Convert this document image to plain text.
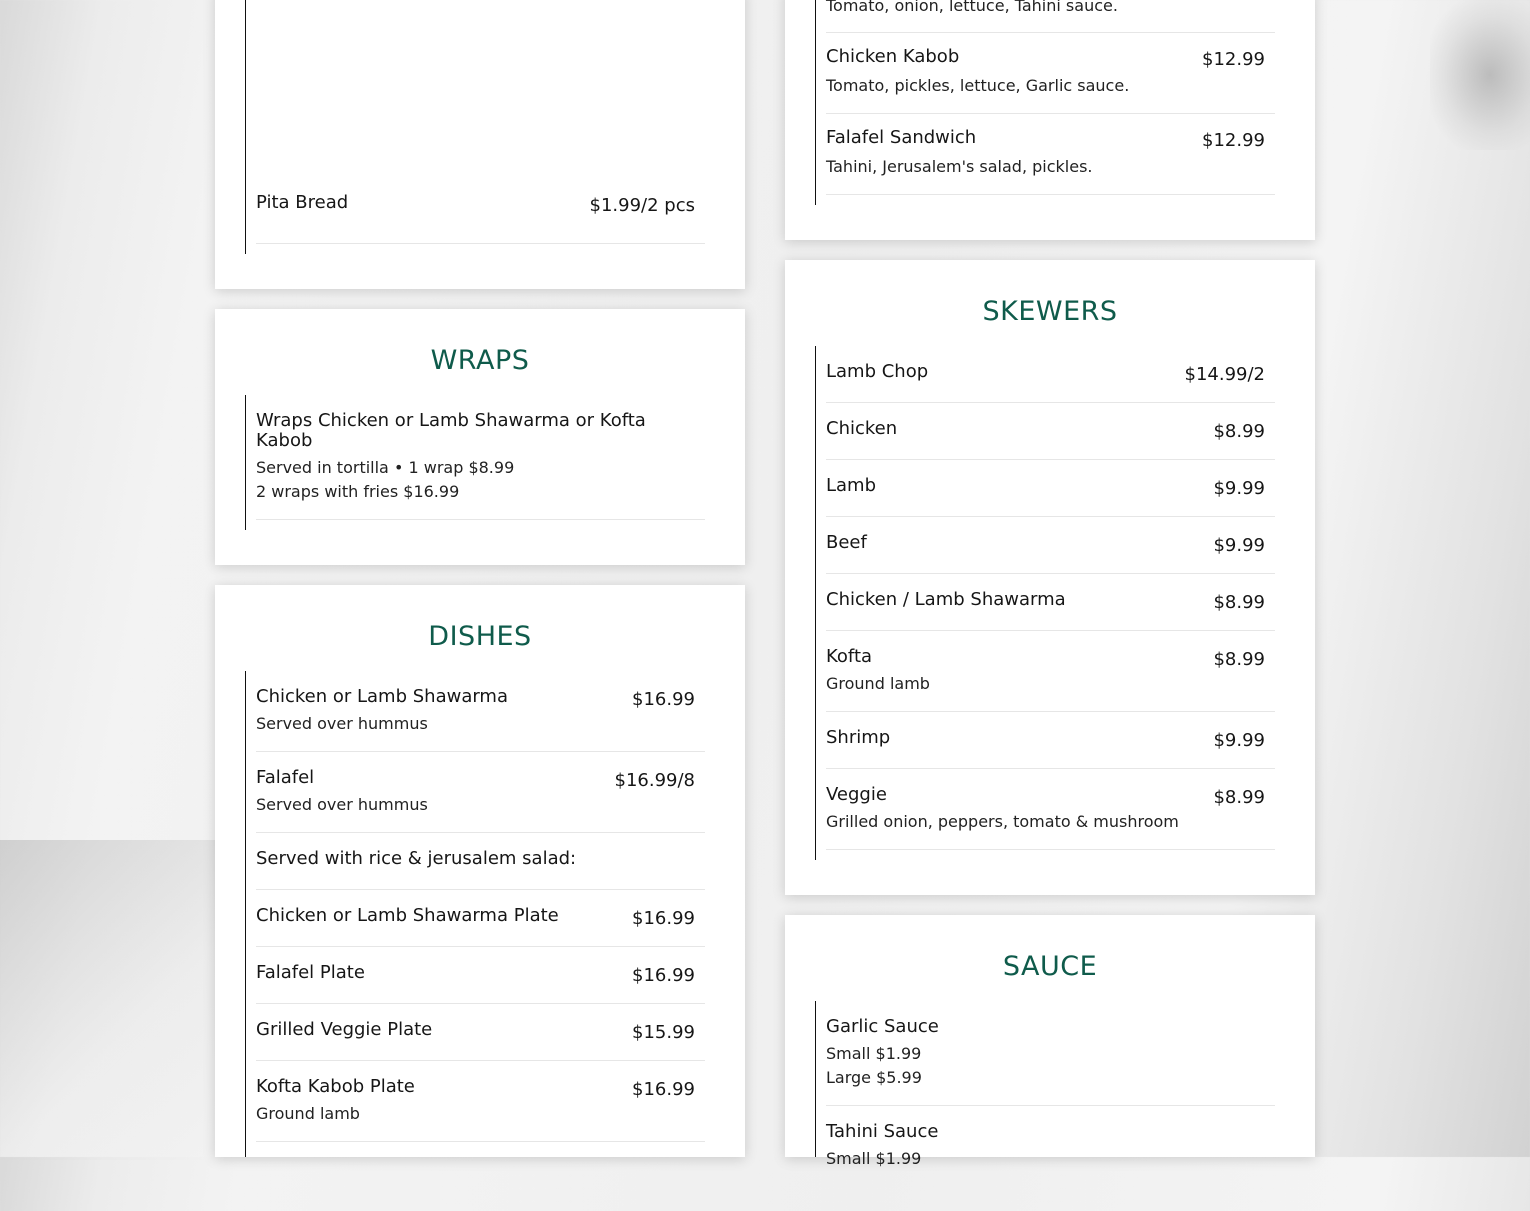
Pita Bread	$1.99/2 pcs
Tomato, onion, lettuce, Tahini sauce.
Chicken Kabob	$12.99
Tomato, pickles, lettuce, Garlic sauce.
Falafel Sandwich	$12.99
Tahini, Jerusalem's salad, pickles.
WRAPS
Wraps Chicken or Lamb Shawarma or Kofta Kabob
Served in tortilla • 1 wrap $8.99
2 wraps with fries $16.99
SKEWERS
Lamb Chop	$14.99/2
Chicken	$8.99
Lamb	$9.99
Beef	$9.99
Chicken / Lamb Shawarma	$8.99
Kofta	$8.99
Ground lamb
Shrimp	$9.99
Veggie	$8.99
Grilled onion, peppers, tomato & mushroom
DISHES
Chicken or Lamb Shawarma	$16.99
Served over hummus
Falafel	$16.99/8
Served over hummus
Served with rice & jerusalem salad:
Chicken or Lamb Shawarma Plate	$16.99
Falafel Plate	$16.99
Grilled Veggie Plate	$15.99
Kofta Kabob Plate	$16.99
Ground lamb
SAUCE
Garlic Sauce
Small $1.99
Large $5.99
Tahini Sauce
Small $1.99
